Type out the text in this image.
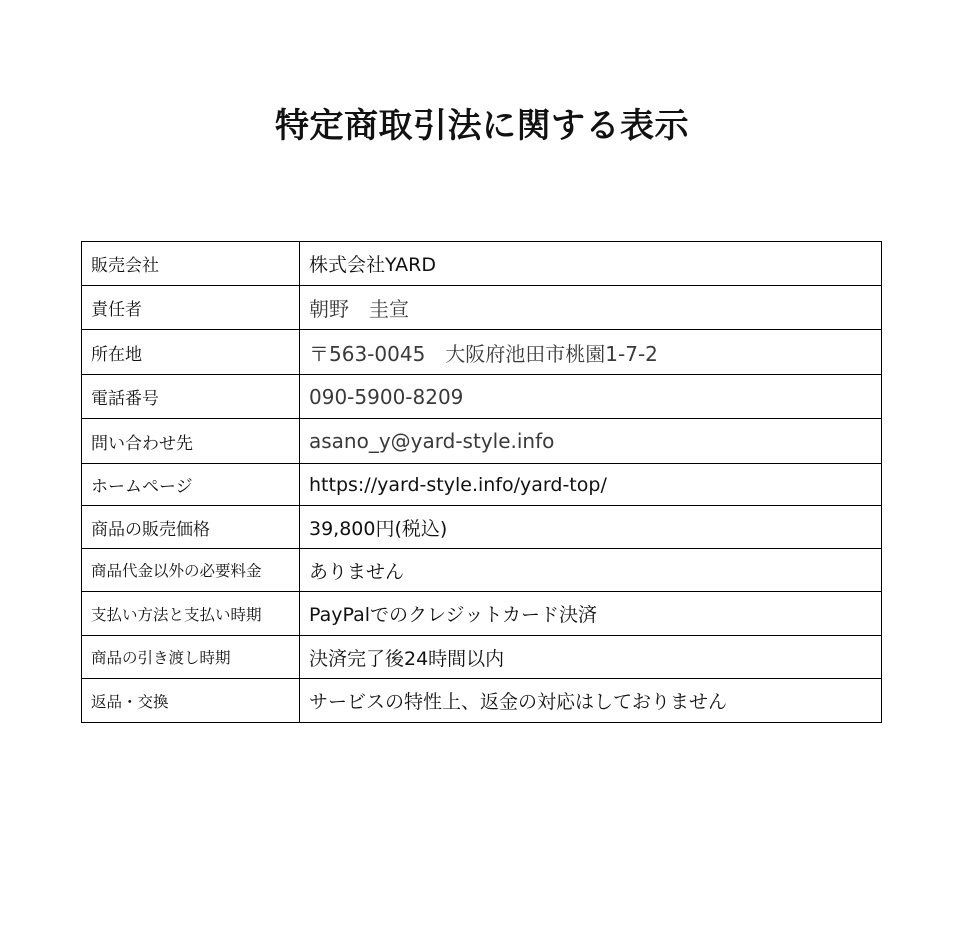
特定商取引法に関する表示
販売会社	株式会社YARD
責任者	朝野　圭宣
所在地	〒563-0045　大阪府池田市桃園1-7-2
電話番号	090-5900-8209
問い合わせ先	asano_y@yard-style.info
ホームページ	https://yard-style.info/yard-top/
商品の販売価格	39,800円(税込)
商品代金以外の必要料金	ありません
支払い方法と支払い時期	PayPalでのクレジットカード決済
商品の引き渡し時期	決済完了後24時間以内
返品・交換	サービスの特性上、返金の対応はしておりません
